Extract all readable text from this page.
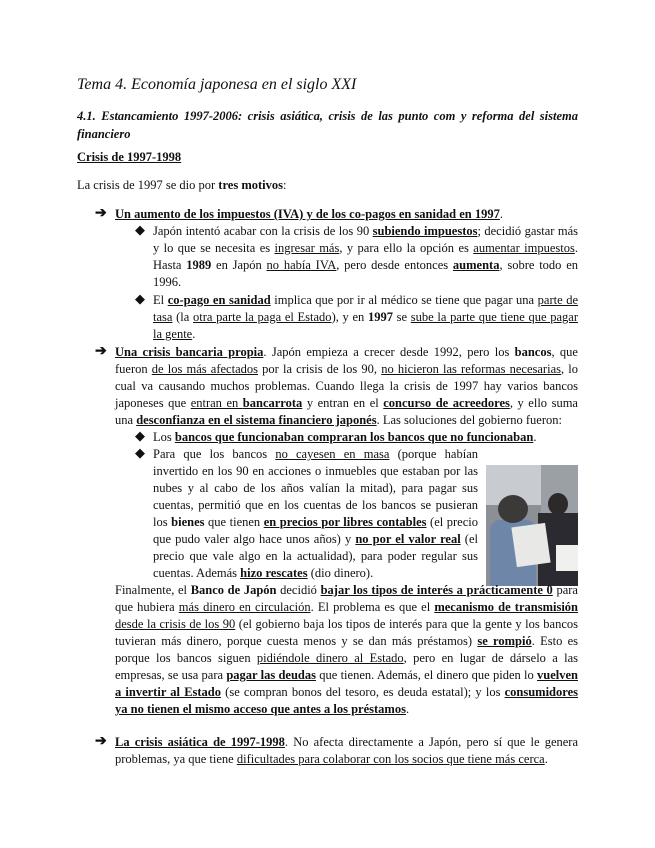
Tema 4. Economía japonesa en el siglo XXI
4.1. Estancamiento 1997-2006: crisis asiática, crisis de las punto com y reforma del sistema financiero
Crisis de 1997-1998
La crisis de 1997 se dio por tres motivos:
➔ Un aumento de los impuestos (IVA) y de los co-pagos en sanidad en 1997.
◆ Japón intentó acabar con la crisis de los 90 subiendo impuestos; decidió gastar más y lo que se necesita es ingresar más, y para ello la opción es aumentar impuestos. Hasta 1989 en Japón no había IVA, pero desde entonces aumenta, sobre todo en 1996.
◆ El co-pago en sanidad implica que por ir al médico se tiene que pagar una parte de tasa (la otra parte la paga el Estado), y en 1997 se sube la parte que tiene que pagar la gente.
➔ Una crisis bancaria propia. Japón empieza a crecer desde 1992, pero los bancos, que fueron de los más afectados por la crisis de los 90, no hicieron las reformas necesarias, lo cual va causando muchos problemas. Cuando llega la crisis de 1997 hay varios bancos japoneses que entran en bancarrota y entran en el concurso de acreedores, y ello suma una desconfianza en el sistema financiero japonés. Las soluciones del gobierno fueron:
◆ Los bancos que funcionaban compraran los bancos que no funcionaban.
◆ Para que los bancos no cayesen en masa (porque habían invertido en los 90 en acciones o inmuebles que estaban por las nubes y al cabo de los años valían la mitad), para pagar sus cuentas, permitió que en los cuentas de los bancos se pusieran los bienes que tienen en precios por libres contables (el precio que pudo valer algo hace unos años) y no por el valor real (el precio que vale algo en la actualidad), para poder regular sus cuentas. Además hizo rescates (dio dinero).
Finalmente, el Banco de Japón decidió bajar los tipos de interés a prácticamente 0 para que hubiera más dinero en circulación. El problema es que el mecanismo de transmisión desde la crisis de los 90 (el gobierno baja los tipos de interés para que la gente y los bancos tuvieran más dinero, porque cuesta menos y se dan más préstamos) se rompió. Esto es porque los bancos siguen pidiéndole dinero al Estado, pero en lugar de dárselo a las empresas, se usa para pagar las deudas que tienen. Además, el dinero que piden lo vuelven a invertir al Estado (se compran bonos del tesoro, es deuda estatal); y los consumidores ya no tienen el mismo acceso que antes a los préstamos.
➔ La crisis asiática de 1997-1998. No afecta directamente a Japón, pero sí que le genera problemas, ya que tiene dificultades para colaborar con los socios que tiene más cerca.
